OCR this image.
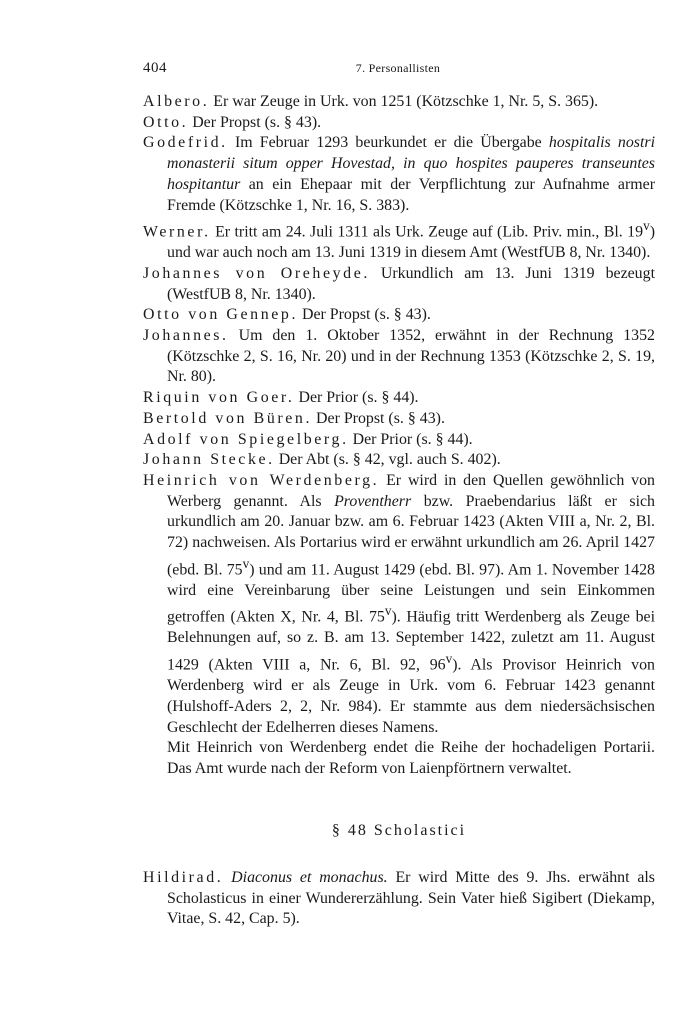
404	7. Personallisten

Albero. Er war Zeuge in Urk. von 1251 (Kötzschke 1, Nr. 5, S. 365).

Otto. Der Propst (s. § 43).

Godefrid. Im Februar 1293 beurkundet er die Übergabe hospitalis nostri monasterii situm opper Hovestad, in quo hospites pauperes transeuntes hospitantur an ein Ehepaar mit der Verpflichtung zur Aufnahme armer Fremde (Kötzschke 1, Nr. 16, S. 383).

Werner. Er tritt am 24. Juli 1311 als Urk. Zeuge auf (Lib. Priv. min., Bl. 19$^v$) und war auch noch am 13. Juni 1319 in diesem Amt (WestfUB 8, Nr. 1340).

Johannes von Oreheyde. Urkundlich am 13. Juni 1319 bezeugt (WestfUB 8, Nr. 1340).

Otto von Gennep. Der Propst (s. § 43).

Johannes. Um den 1. Oktober 1352, erwähnt in der Rechnung 1352 (Kötzschke 2, S. 16, Nr. 20) und in der Rechnung 1353 (Kötzschke 2, S. 19, Nr. 80).

Riquin von Goer. Der Prior (s. § 44).

Bertold von Büren. Der Propst (s. § 43).

Adolf von Spiegelberg. Der Prior (s. § 44).

Johann Stecke. Der Abt (s. § 42, vgl. auch S. 402).

Heinrich von Werdenberg. Er wird in den Quellen gewöhnlich von Werberg genannt. Als Proventherr bzw. Praebendarius läßt er sich urkundlich am 20. Januar bzw. am 6. Februar 1423 (Akten VIII a, Nr. 2, Bl. 72) nachweisen. Als Portarius wird er erwähnt urkundlich am 26. April 1427 (ebd. Bl. 75$^v$) und am 11. August 1429 (ebd. Bl. 97). Am 1. November 1428 wird eine Vereinbarung über seine Leistungen und sein Einkommen getroffen (Akten X, Nr. 4, Bl. 75$^v$). Häufig tritt Werdenberg als Zeuge bei Belehnungen auf, so z. B. am 13. September 1422, zuletzt am 11. August 1429 (Akten VIII a, Nr. 6, Bl. 92, 96$^v$). Als Provisor Heinrich von Werdenberg wird er als Zeuge in Urk. vom 6. Februar 1423 genannt (Hulshoff-Aders 2, 2, Nr. 984). Er stammte aus dem niedersächsischen Geschlecht der Edelherren dieses Namens.

Mit Heinrich von Werdenberg endet die Reihe der hochadeligen Portarii. Das Amt wurde nach der Reform von Laienpförtnern verwaltet.

§ 48 Scholastici

Hildirad. Diaconus et monachus. Er wird Mitte des 9. Jhs. erwähnt als Scholasticus in einer Wundererzählung. Sein Vater hieß Sigibert (Diekamp, Vitae, S. 42, Cap. 5).
